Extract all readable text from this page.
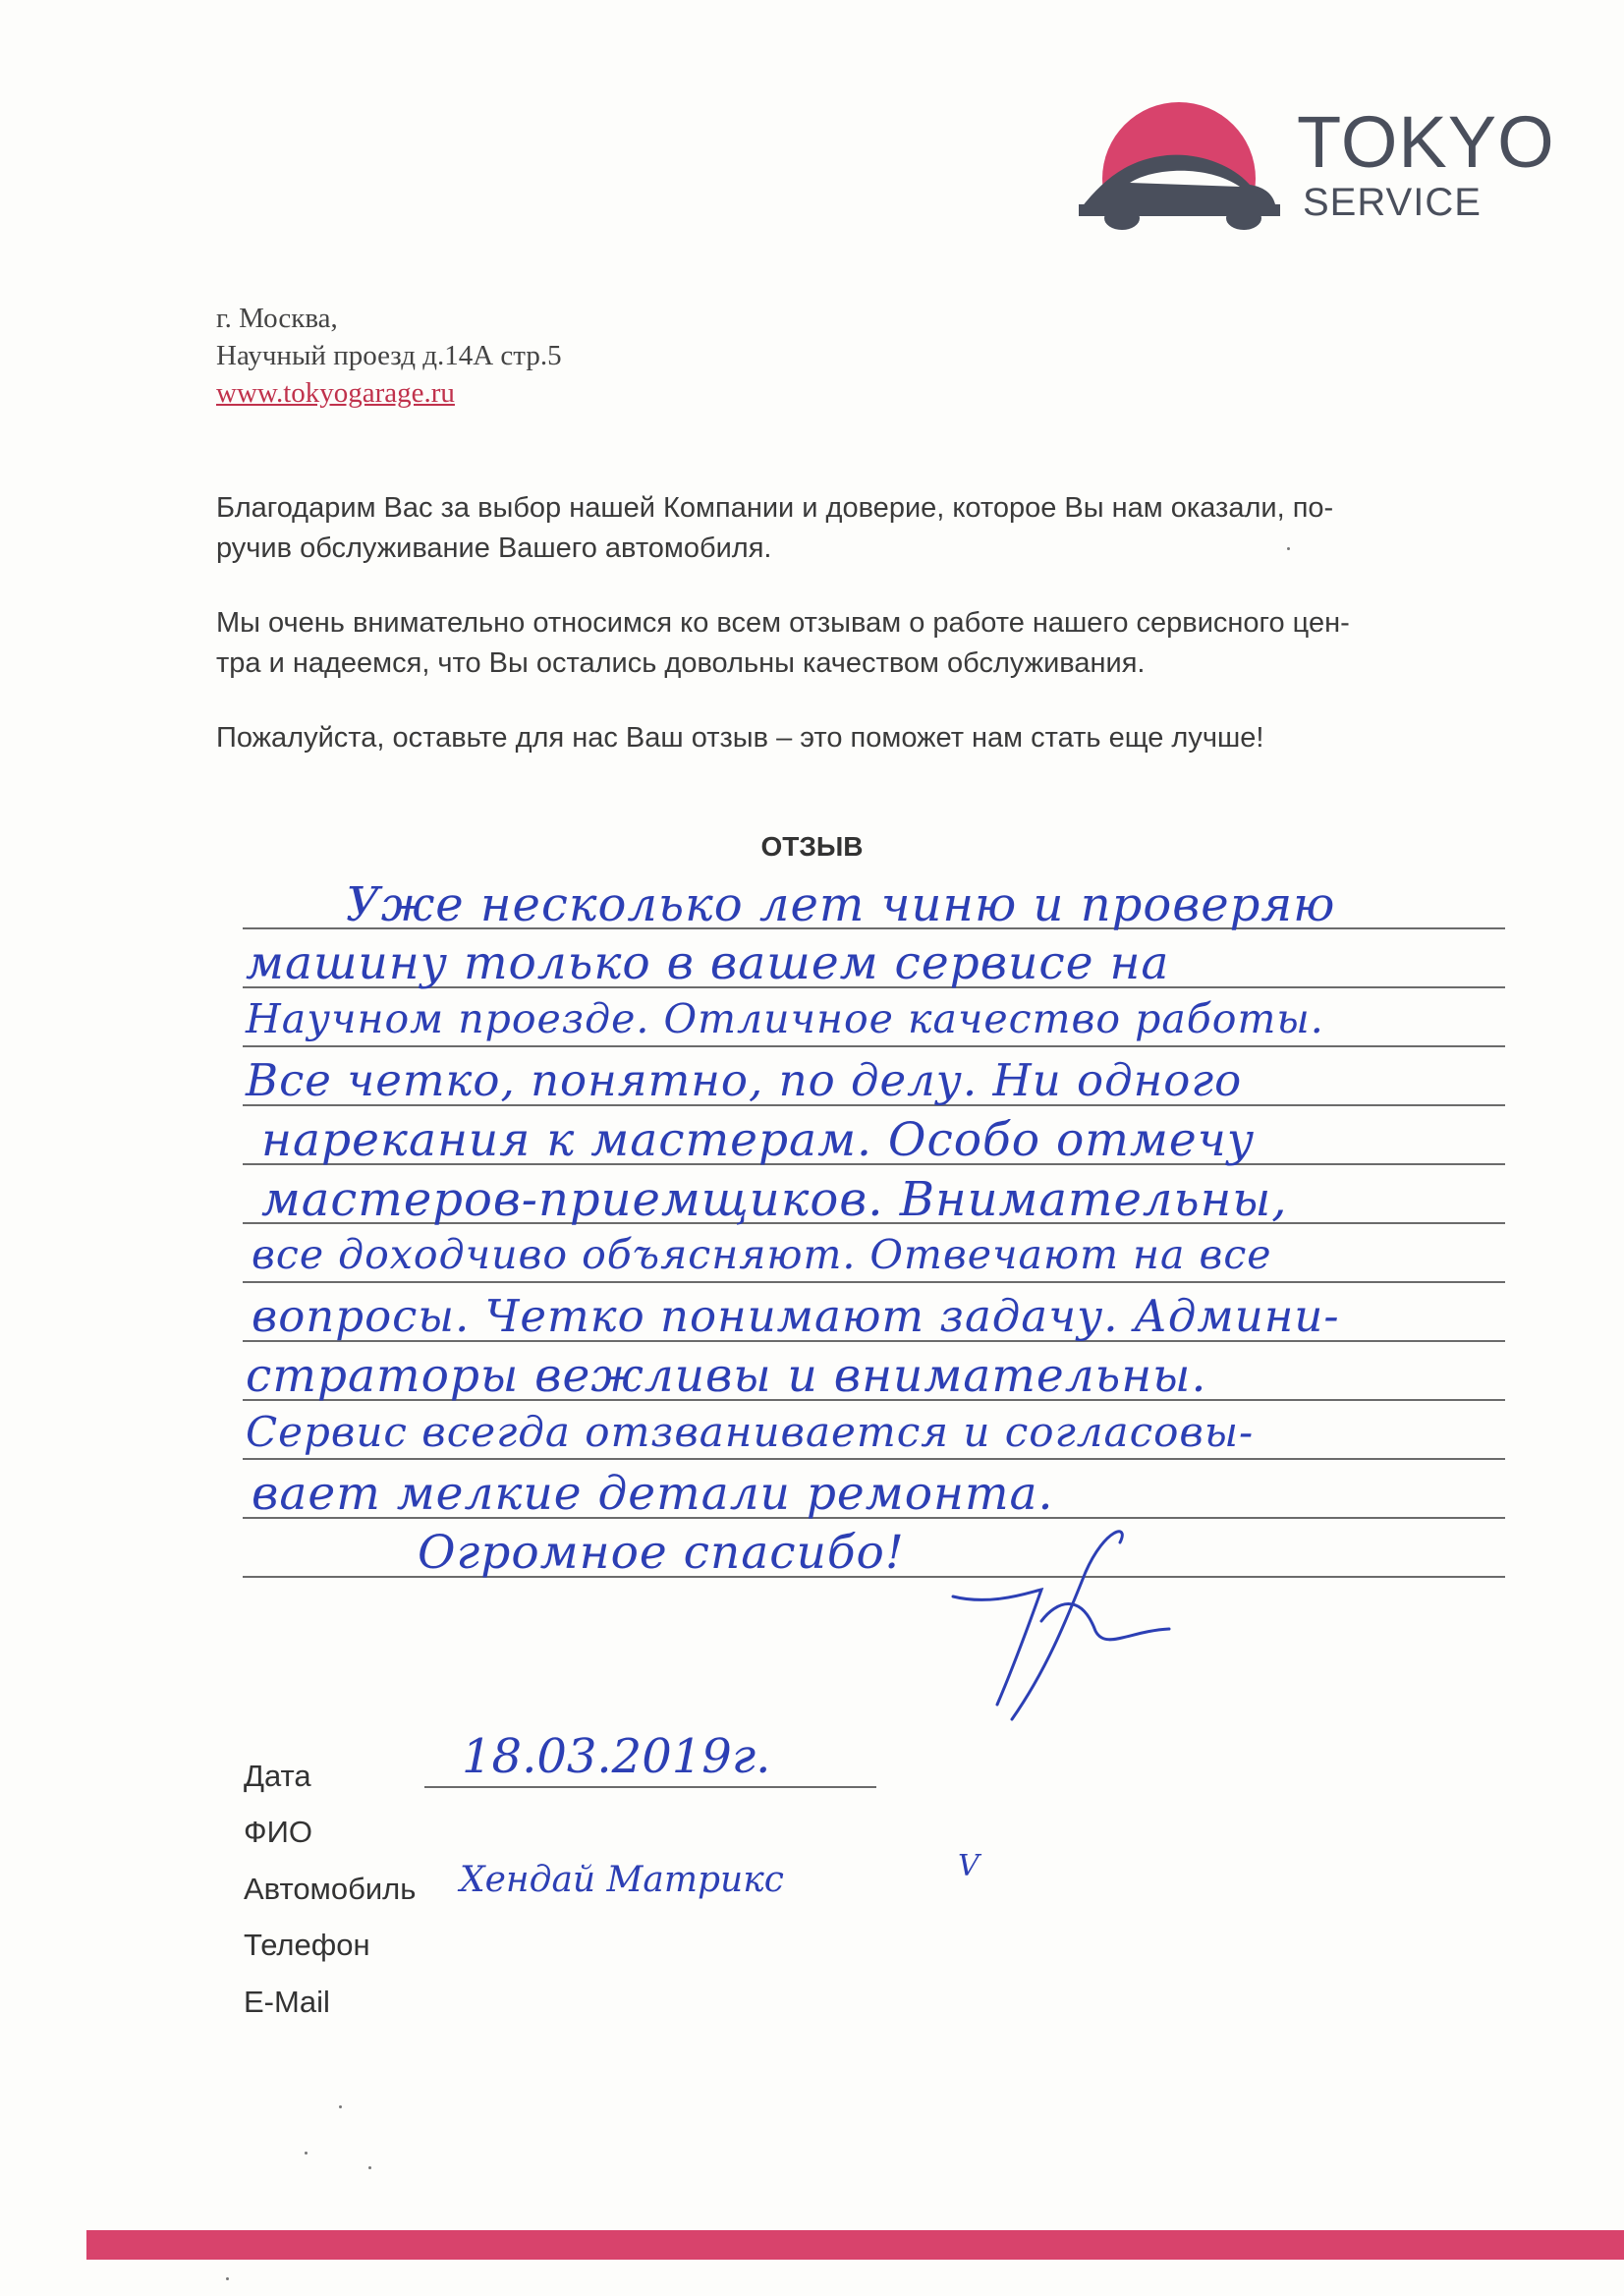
TOKYO
SERVICE
г. Москва,
Научный проезд д.14А стр.5
www.tokyogarage.ru

Благодарим Вас за выбор нашей Компании и доверие, которое Вы нам оказали, по-
ручив обслуживание Вашего автомобиля.

Мы очень внимательно относимся ко всем отзывам о работе нашего сервисного цен-
тра и надеемся, что Вы остались довольны качеством обслуживания.

Пожалуйста, оставьте для нас Ваш отзыв – это поможет нам стать еще лучше!

ОТЗЫВ
Уже несколько лет чиню и проверяю
машину только в вашем сервисе на
Научном проезде. Отличное качество работы.
Все четко, понятно, по делу. Ни одного
нарекания к мастерам. Особо отмечу
мастеров-приемщиков. Внимательны,
все доходчиво объясняют. Отвечают на все
вопросы. Четко понимают задачу. Админи-
страторы вежливы и внимательны.
Сервис всегда отзванивается и согласовы-
вает мелкие детали ремонта.
Огромное спасибо!
Дата	18.03.2019г.
ФИО
Автомобиль Хендай Матрикс	V
Телефон
E-Mail
